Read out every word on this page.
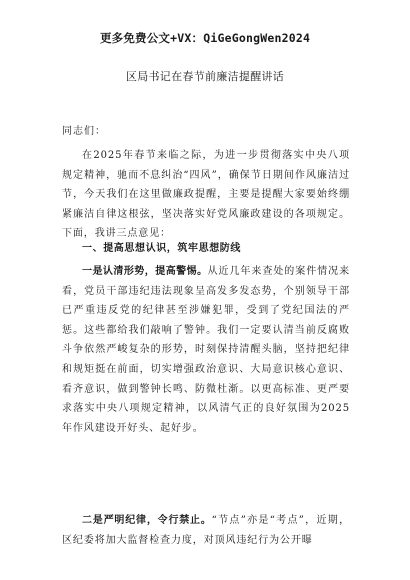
更多免费公文+VX：QiGeGongWen2024
区局书记在春节前廉洁提醒讲话
同志们：

在2025年春节来临之际，为进一步贯彻落实中央八项规定精神，驰而不息纠治“四风”，确保节日期间作风廉洁过节，今天我们在这里做廉政提醒，主要是提醒大家要始终绷紧廉洁自律这根弦，坚决落实好党风廉政建设的各项规定。下面，我讲三点意见：

一、提高思想认识，筑牢思想防线

一是认清形势，提高警惕。从近几年来查处的案件情况来看，党员干部违纪违法现象呈高发多发态势，个别领导干部已严重违反党的纪律甚至涉嫌犯罪，受到了党纪国法的严惩。这些都给我们敲响了警钟。我们一定要认清当前反腐败斗争依然严峻复杂的形势，时刻保持清醒头脑，坚持把纪律和规矩挺在前面，切实增强政治意识、大局意识核心意识、看齐意识，做到警钟长鸣、防微杜渐。以更高标准、更严要求落实中央八项规定精神，以风清气正的良好氛围为2025年作风建设开好头、起好步。

二是严明纪律，令行禁止。“节点”亦是“考点”，近期，区纪委将加大监督检查力度，对顶风违纪行为公开曝
